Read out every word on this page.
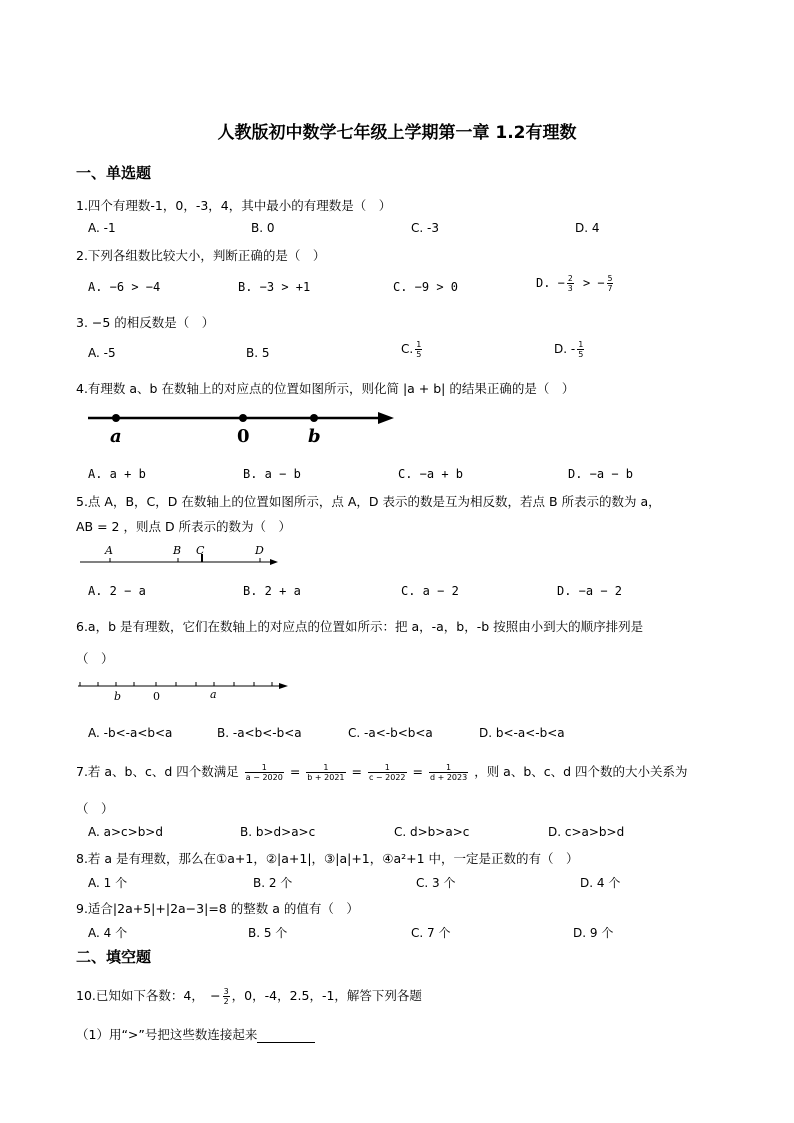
人教版初中数学七年级上学期第一章 1.2有理数
一、单选题
1.四个有理数-1，0，-3，4，其中最小的有理数是（　）
A. -1	B. 0	C. -3	D. 4
2.下列各组数比较大小，判断正确的是（　）
A. −6 > −4	B. −3 > +1	C. −9 > 0	D. − $\frac{2}{3}$ > − $\frac{5}{7}$
3. −5 的相反数是（　）
A. -5	B. 5	C. $\frac{1}{5}$	D. - $\frac{1}{5}$
4.有理数 a、b 在数轴上的对应点的位置如图所示，则化简 |a + b| 的结果正确的是（　）
a	0	b
A. a + b	B. a − b	C. −a + b	D. −a − b
5.点 A，B，C，D 在数轴上的位置如图所示，点 A，D 表示的数是互为相反数，若点 B 所表示的数为 a，
AB = 2 ，则点 D 所表示的数为（　）
A	B C	D
A. 2 − a	B. 2 + a	C. a − 2	D. −a − 2
6.a，b 是有理数，它们在数轴上的对应点的位置如所示：把 a，-a，b，-b 按照由小到大的顺序排列是
（　）
b	0	a
A. -b<-a<b<a	B. -a<b<-b<a	C. -a<-b<b<a	D. b<-a<-b<a
7.若 a、b、c、d 四个数满足 $\frac{1}{a - 2020} = \frac{1}{b + 2021} = \frac{1}{c - 2022} = \frac{1}{d + 2023}$ ，则 a、b、c、d 四个数的大小关系为
（　）
A. a>c>b>d	B. b>d>a>c	C. d>b>a>c	D. c>a>b>d
8.若 a 是有理数，那么在①a+1，②|a+1|，③|a|+1，④a²+1 中，一定是正数的有（　）
A. 1 个	B. 2 个	C. 3 个	D. 4 个
9.适合|2a+5|+|2a−3|=8 的整数 a 的值有（　）
A. 4 个	B. 5 个	C. 7 个	D. 9 个
二、填空题
10.已知如下各数：4，　− $\frac{3}{2}$ ，0，-4，2.5，-1，解答下列各题
（1）用“>”号把这些数连接起来
